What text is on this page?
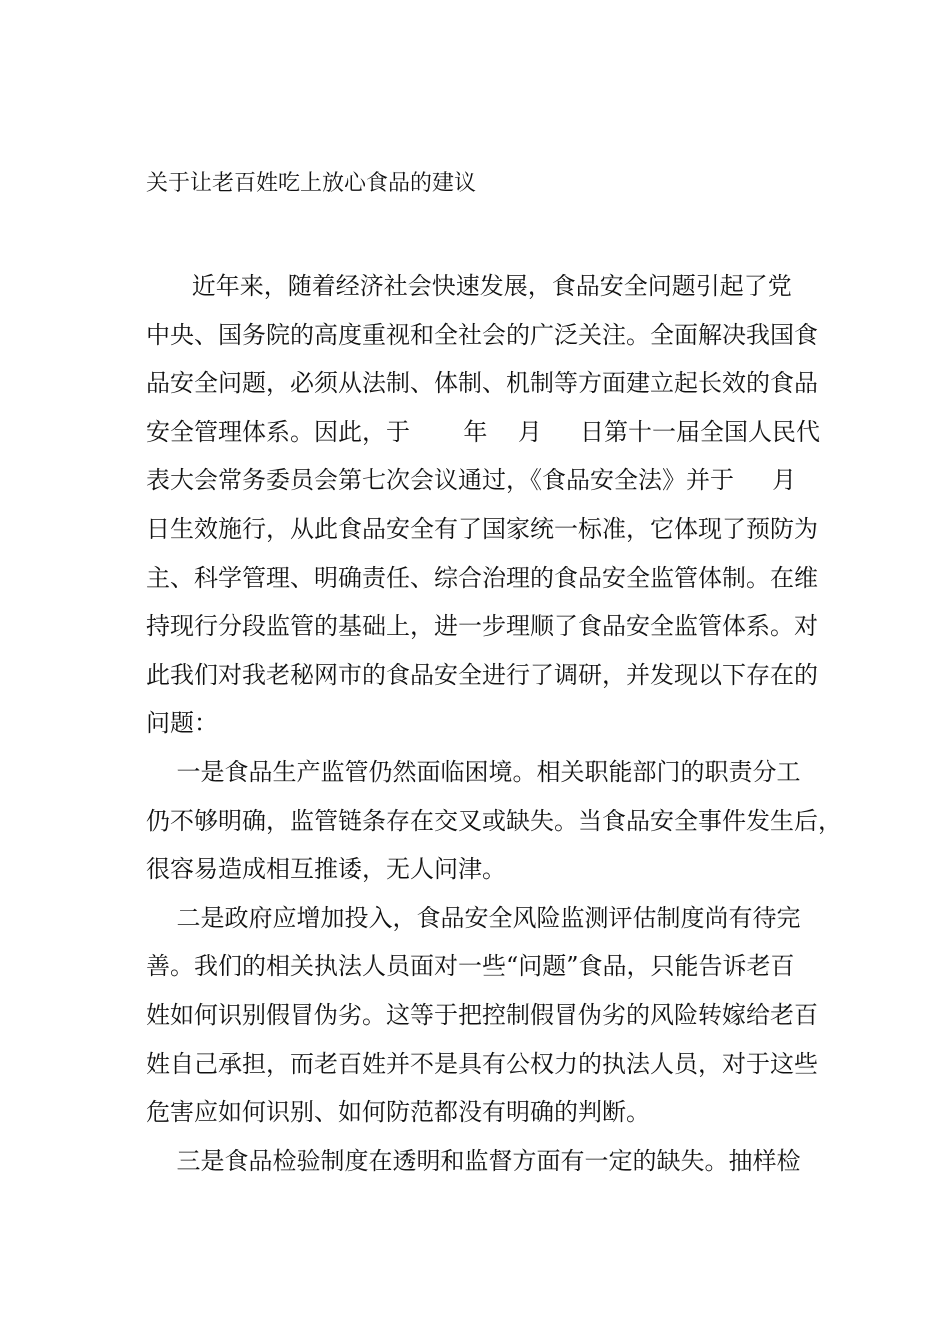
关于让老百姓吃上放心食品的建议
近年来，随着经济社会快速发展，食品安全问题引起了党
中央、国务院的高度重视和全社会的广泛关注。全面解决我国食
品安全问题，必须从法制、体制、机制等方面建立起长效的食品
安全管理体系。因此，于       年    月     日第十一届全国人民代
表大会常务委员会第七次会议通过，《食品安全法》并于     月
日生效施行，从此食品安全有了国家统一标准，它体现了预防为
主、科学管理、明确责任、综合治理的食品安全监管体制。在维
持现行分段监管的基础上，进一步理顺了食品安全监管体系。对
此我们对我老秘网市的食品安全进行了调研，并发现以下存在的
问题：
一是食品生产监管仍然面临困境。相关职能部门的职责分工
仍不够明确，监管链条存在交叉或缺失。当食品安全事件发生后，
很容易造成相互推诿，无人问津。
二是政府应增加投入，食品安全风险监测评估制度尚有待完
善。我们的相关执法人员面对一些“问题”食品，只能告诉老百
姓如何识别假冒伪劣。这等于把控制假冒伪劣的风险转嫁给老百
姓自己承担，而老百姓并不是具有公权力的执法人员，对于这些
危害应如何识别、如何防范都没有明确的判断。
三是食品检验制度在透明和监督方面有一定的缺失。抽样检
